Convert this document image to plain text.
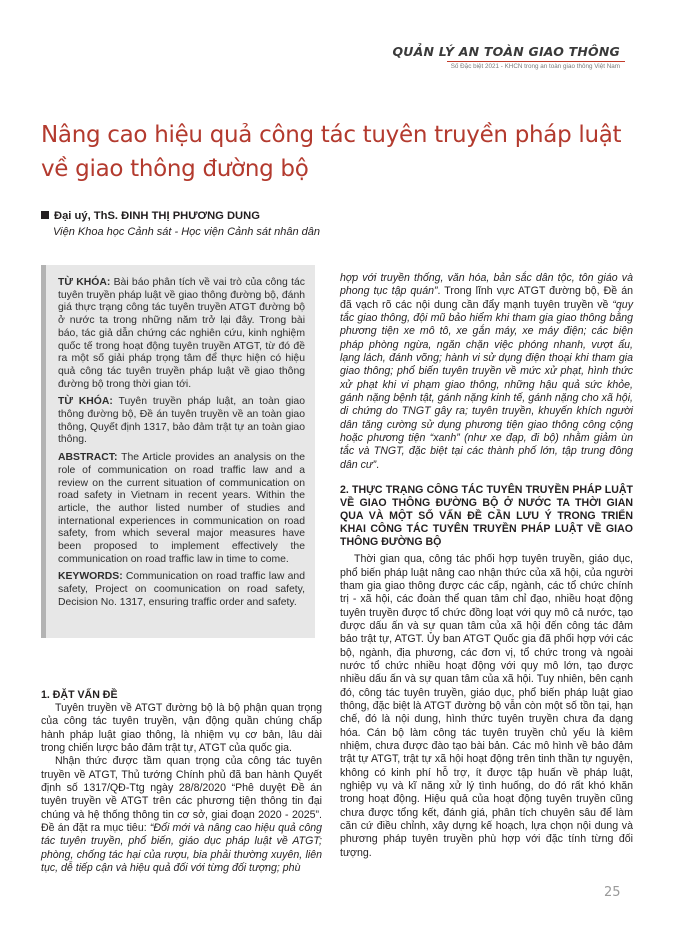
QUẢN LÝ AN TOÀN GIAO THÔNG
Số Đặc biệt 2021 - KHCN trong an toàn giao thông Việt Nam
Nâng cao hiệu quả công tác tuyên truyền pháp luật về giao thông đường bộ
Đại uý, ThS. ĐINH THỊ PHƯƠNG DUNG
Viện Khoa học Cảnh sát - Học viện Cảnh sát nhân dân

TỪ KHÓA: Bài báo phân tích về vai trò của công tác tuyên truyền pháp luật về giao thông đường bộ, đánh giá thực trạng công tác tuyên truyền ATGT đường bộ ở nước ta trong những năm trở lại đây. Trong bài báo, tác giả dẫn chứng các nghiên cứu, kinh nghiệm quốc tế trong hoạt động tuyên truyền ATGT, từ đó đề ra một số giải pháp trọng tâm để thực hiện có hiệu quả công tác tuyên truyền pháp luật về giao thông đường bộ trong thời gian tới.

TỪ KHÓA: Tuyên truyền pháp luật, an toàn giao thông đường bộ, Đề án tuyên truyền về an toàn giao thông, Quyết định 1317, bảo đảm trật tự an toàn giao thông.

ABSTRACT: The Article provides an analysis on the role of communication on road traffic law and a review on the current situation of communication on road safety in Vietnam in recent years. Within the article, the author listed number of studies and international experiences in communication on road safety, from which several major measures have been proposed to implement effectively the communication on road traffic law in time to come.

KEYWORDS: Communication on road traffic law and safety, Project on coomunication on road safety, Decision No. 1317, ensuring traffic order and safety.

1. ĐẶT VẤN ĐỀ

Tuyên truyền về ATGT đường bộ là bộ phận quan trọng của công tác tuyên truyền, vận động quần chúng chấp hành pháp luật giao thông, là nhiệm vụ cơ bản, lâu dài trong chiến lược bảo đảm trật tự, ATGT của quốc gia.

Nhận thức được tầm quan trọng của công tác tuyên truyền về ATGT, Thủ tướng Chính phủ đã ban hành Quyết định số 1317/QĐ-Ttg ngày 28/8/2020 “Phê duyệt Đề án tuyên truyền về ATGT trên các phương tiện thông tin đại chúng và hệ thống thông tin cơ sở, giai đoạn 2020 - 2025”. Đề án đặt ra mục tiêu: “Đổi mới và nâng cao hiệu quả công tác tuyên truyền, phổ biến, giáo dục pháp luật về ATGT; phòng, chống tác hại của rượu, bia phải thường xuyên, liên tục, dễ tiếp cận và hiệu quả đối với từng đối tượng; phù

hợp với truyền thống, văn hóa, bản sắc dân tộc, tôn giáo và phong tục tập quán”. Trong lĩnh vực ATGT đường bộ, Đề án đã vạch rõ các nội dung cần đẩy mạnh tuyên truyền về “quy tắc giao thông, đội mũ bảo hiểm khi tham gia giao thông bằng phương tiện xe mô tô, xe gắn máy, xe máy điện; các biện pháp phòng ngừa, ngăn chặn việc phóng nhanh, vượt ẩu, lạng lách, đánh võng; hành vi sử dụng điện thoại khi tham gia giao thông; phổ biến tuyên truyền về mức xử phạt, hình thức xử phạt khi vi phạm giao thông, những hậu quả sức khỏe, gánh nặng bệnh tật, gánh nặng kinh tế, gánh nặng cho xã hội, di chứng do TNGT gây ra; tuyên truyền, khuyến khích người dân tăng cường sử dụng phương tiện giao thông công cộng hoặc phương tiện “xanh” (như xe đạp, đi bộ) nhằm giảm ùn tắc và TNGT, đặc biệt tại các thành phố lớn, tập trung đông dân cư”.

2. THỰC TRẠNG CÔNG TÁC TUYÊN TRUYỀN PHÁP LUẬT VỀ GIAO THÔNG ĐƯỜNG BỘ Ở NƯỚC TA THỜI GIAN QUA VÀ MỘT SỐ VẤN ĐỀ CẦN LƯU Ý TRONG TRIỂN KHAI CÔNG TÁC TUYÊN TRUYỀN PHÁP LUẬT VỀ GIAO THÔNG ĐƯỜNG BỘ

Thời gian qua, công tác phối hợp tuyên truyền, giáo dục, phổ biến pháp luật nâng cao nhận thức của xã hội, của người tham gia giao thông được các cấp, ngành, các tổ chức chính trị - xã hội, các đoàn thể quan tâm chỉ đạo, nhiều hoạt động tuyên truyền được tổ chức đồng loạt với quy mô cả nước, tạo được dấu ấn và sự quan tâm của xã hội đến công tác đảm bảo trật tự, ATGT. Ủy ban ATGT Quốc gia đã phối hợp với các bộ, ngành, địa phương, các đơn vị, tổ chức trong và ngoài nước tổ chức nhiều hoạt động với quy mô lớn, tạo được nhiều dấu ấn và sự quan tâm của xã hội. Tuy nhiên, bên cạnh đó, công tác tuyên truyền, giáo dục, phổ biến pháp luật giao thông, đặc biệt là ATGT đường bộ vẫn còn một số tồn tại, hạn chế, đó là nội dung, hình thức tuyên truyền chưa đa dạng hóa. Cán bộ làm công tác tuyên truyền chủ yếu là kiêm nhiệm, chưa được đào tạo bài bản. Các mô hình về bảo đảm trật tự ATGT, trật tự xã hội hoạt động trên tinh thần tự nguyện, không có kinh phí hỗ trợ, ít được tập huấn về pháp luật, nghiệp vụ và kĩ năng xử lý tình huống, do đó rất khó khăn trong hoạt động. Hiệu quả của hoạt động tuyên truyền cũng chưa được tổng kết, đánh giá, phân tích chuyên sâu để làm căn cứ điều chỉnh, xây dựng kế hoạch, lựa chọn nội dung và phương pháp tuyên truyền phù hợp với đặc tính từng đối tượng.

25
